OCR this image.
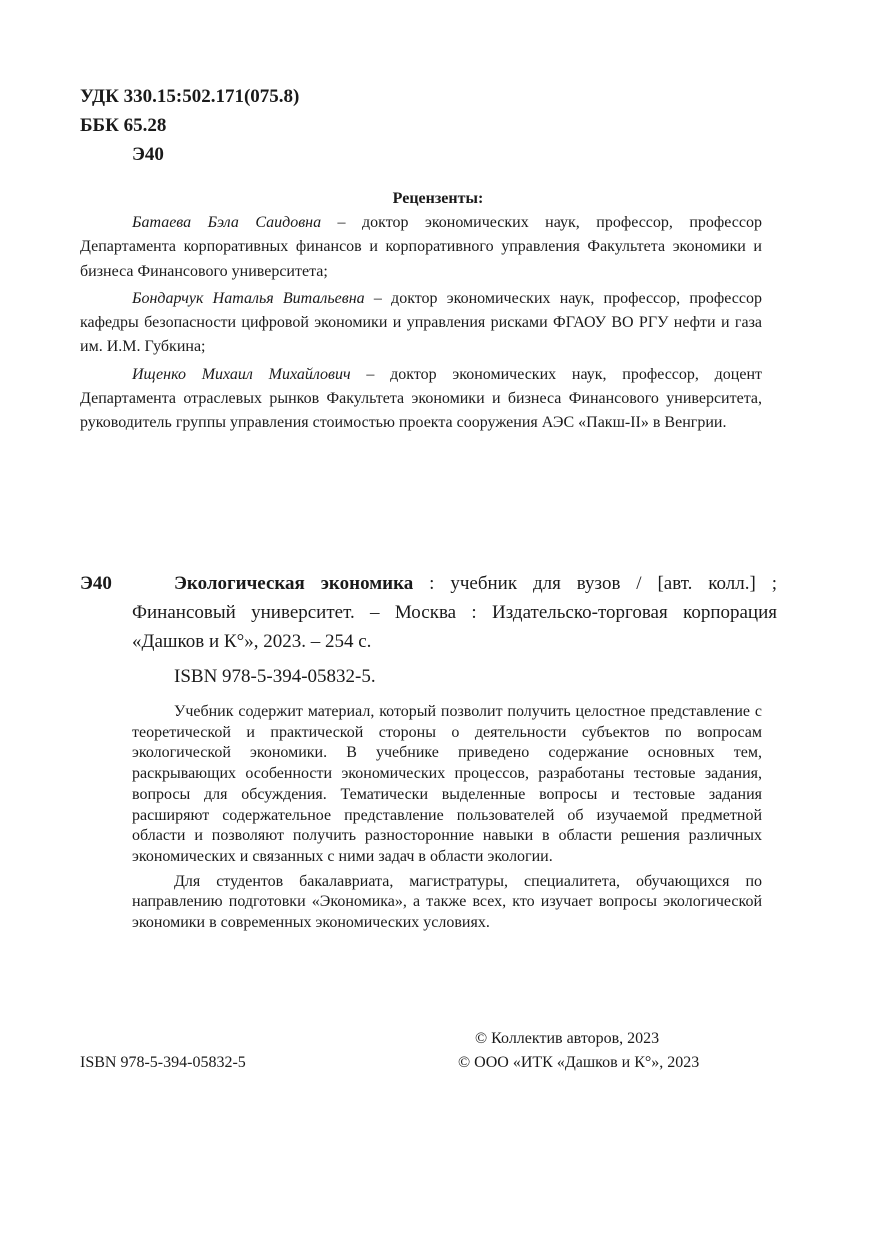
УДК 330.15:502.171(075.8)
ББК 65.28
Э40
Рецензенты:

Батаева Бэла Саидовна – доктор экономических наук, профессор, профессор Департамента корпоративных финансов и корпоративного управления Факультета экономики и бизнеса Финансового университета;

Бондарчук Наталья Витальевна – доктор экономических наук, профессор, профессор кафедры безопасности цифровой экономики и управления рисками ФГАОУ ВО РГУ нефти и газа им. И.М. Губкина;

Ищенко Михаил Михайлович – доктор экономических наук, профессор, доцент Департамента отраслевых рынков Факультета экономики и бизнеса Финансового университета, руководитель группы управления стоимостью проекта сооружения АЭС «Пакш-II» в Венгрии.

Э40	Экологическая экономика : учебник для вузов / [авт. колл.] ; Финансовый университет. – Москва : Издательско-торговая корпорация «Дашков и К°», 2023. – 254 с.

ISBN 978-5-394-05832-5.

Учебник содержит материал, который позволит получить целостное представление с теоретической и практической стороны о деятельности субъектов по вопросам экологической экономики. В учебнике приведено содержание основных тем, раскрывающих особенности экономических процессов, разработаны тестовые задания, вопросы для обсуждения. Тематически выделенные вопросы и тестовые задания расширяют содержательное представление пользователей об изучаемой предметной области и позволяют получить разносторонние навыки в области решения различных экономических и связанных с ними задач в области экологии.

Для студентов бакалавриата, магистратуры, специалитета, обучающихся по направлению подготовки «Экономика», а также всех, кто изучает вопросы экологической экономики в современных экономических условиях.

© Коллектив авторов, 2023
© ООО «ИТК «Дашков и К°», 2023
ISBN 978-5-394-05832-5
